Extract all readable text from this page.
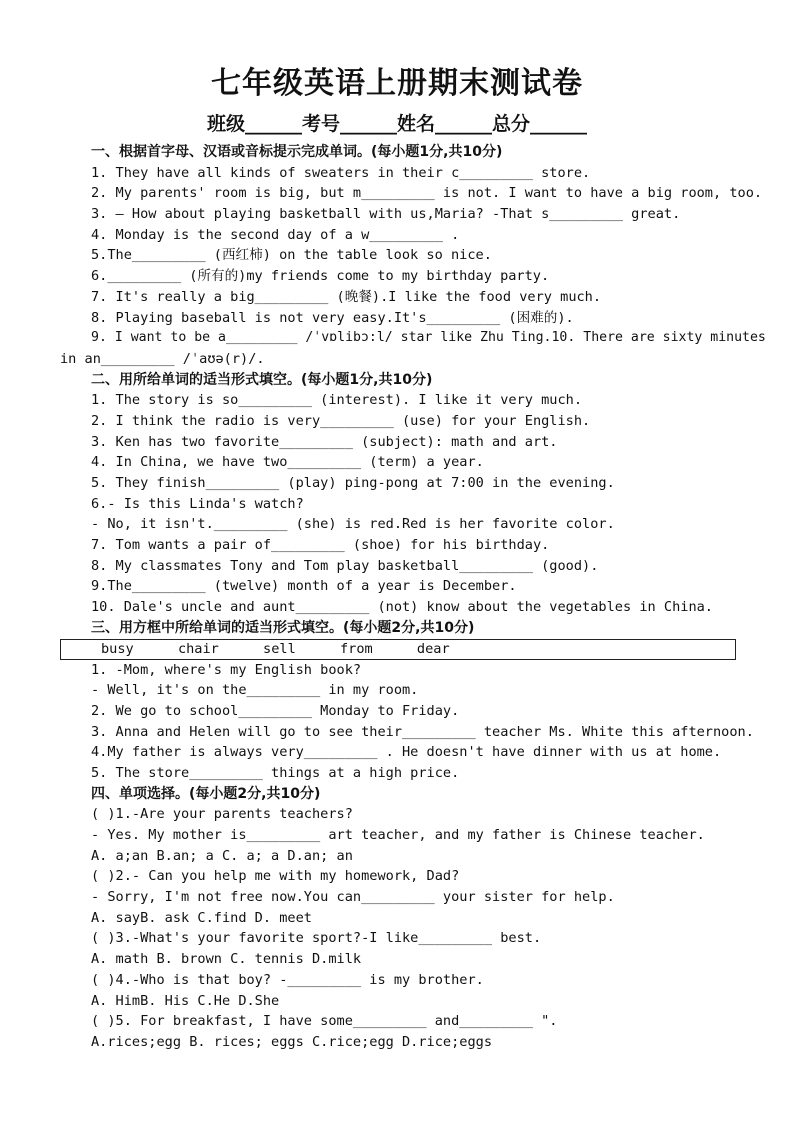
七年级英语上册期末测试卷
班级______考号______姓名______总分______
一、根据首字母、汉语或音标提示完成单词。(每小题1分,共10分)
1. They have all kinds of sweaters in their c_________ store.
2. My parents' room is big, but m_________ is not. I want to have a big room, too.
3. — How about playing basketball with us,Maria? -That s_________ great.
4. Monday is the second day of a w_________ .
5.The_________ (西红柿) on the table look so nice.
6._________ (所有的)my friends come to my birthday party.
7. It's really a big_________ (晚餐).I like the food very much.
8. Playing baseball is not very easy.It's_________ (困难的).
9. I want to be a_________ /ˈvɒlibɔ:l/ star like Zhu Ting.10. There are sixty minutes
in an_________ /ˈaʊə(r)/.
二、用所给单词的适当形式填空。(每小题1分,共10分)
1. The story is so_________ (interest). I like it very much.
2. I think the radio is very_________ (use) for your English.
3. Ken has two favorite_________ (subject): math and art.
4. In China, we have two_________ (term) a year.
5. They finish_________ (play) ping-pong at 7:00 in the evening.
6.- Is this Linda's watch?
- No, it isn't._________ (she) is red.Red is her favorite color.
7. Tom wants a pair of_________ (shoe) for his birthday.
8. My classmates Tony and Tom play basketball_________ (good).
9.The_________ (twelve) month of a year is December.
10. Dale's uncle and aunt_________ (not) know about the vegetables in China.
三、用方框中所给单词的适当形式填空。(每小题2分,共10分)
busy	chair	sell	from	dear
1. -Mom, where's my English book?
- Well, it's on the_________ in my room.
2. We go to school_________ Monday to Friday.
3. Anna and Helen will go to see their_________ teacher Ms. White this afternoon.
4.My father is always very_________ . He doesn't have dinner with us at home.
5. The store_________ things at a high price.
四、单项选择。(每小题2分,共10分)
( )1.-Are your parents teachers?
- Yes. My mother is_________ art teacher, and my father is Chinese teacher.
A. a;an B.an; a C. a; a D.an; an
( )2.- Can you help me with my homework, Dad?
- Sorry, I'm not free now.You can_________ your sister for help.
A. sayB. ask C.find D. meet
( )3.-What's your favorite sport?-I like_________ best.
A. math B. brown C. tennis D.milk
( )4.-Who is that boy? -_________ is my brother.
A. HimB. His C.He D.She
( )5. For breakfast, I have some_________ and_________ ".
A.rices;egg B. rices; eggs C.rice;egg D.rice;eggs
